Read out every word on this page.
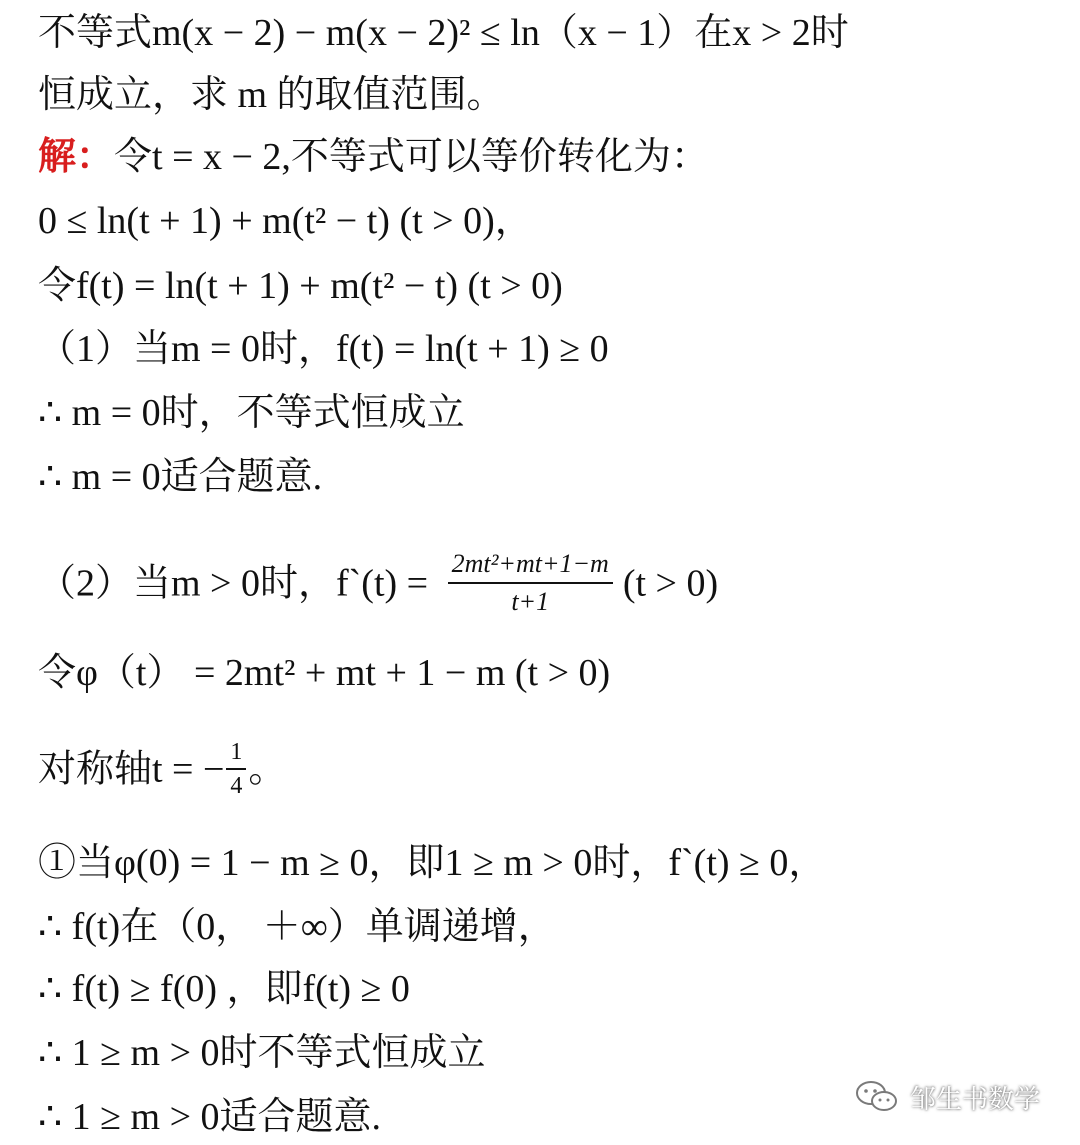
不等式m(x − 2) − m(x − 2)² ≤ ln（x − 1）在x > 2时
恒成立，求 m 的取值范围。
解：令t = x − 2,不等式可以等价转化为：
0 ≤ ln(t + 1) + m(t² − t) (t > 0)，
令f(t) = ln(t + 1) + m(t² − t) (t > 0)
（1）当m = 0时，f(t) = ln(t + 1) ≥ 0
∴ m = 0时，不等式恒成立
∴ m = 0适合题意.
（2）当m > 0时，f`(t) = $\frac{\text{2mt²+mt+1−m}}{t+1} (t > 0)$
令φ（t） = 2mt² + mt + 1 − m (t > 0)
对称轴t = − $\frac{1}{4}$ 。
①当φ(0) = 1 − m ≥ 0，即1 ≥ m > 0时，f`(t) ≥ 0，
∴ f(t)在（0， ＋∞）单调递增，
∴ f(t) ≥ f(0) ，即f(t) ≥ 0
∴ 1 ≥ m > 0时不等式恒成立
∴ 1 ≥ m > 0适合题意.	邹生书数学
